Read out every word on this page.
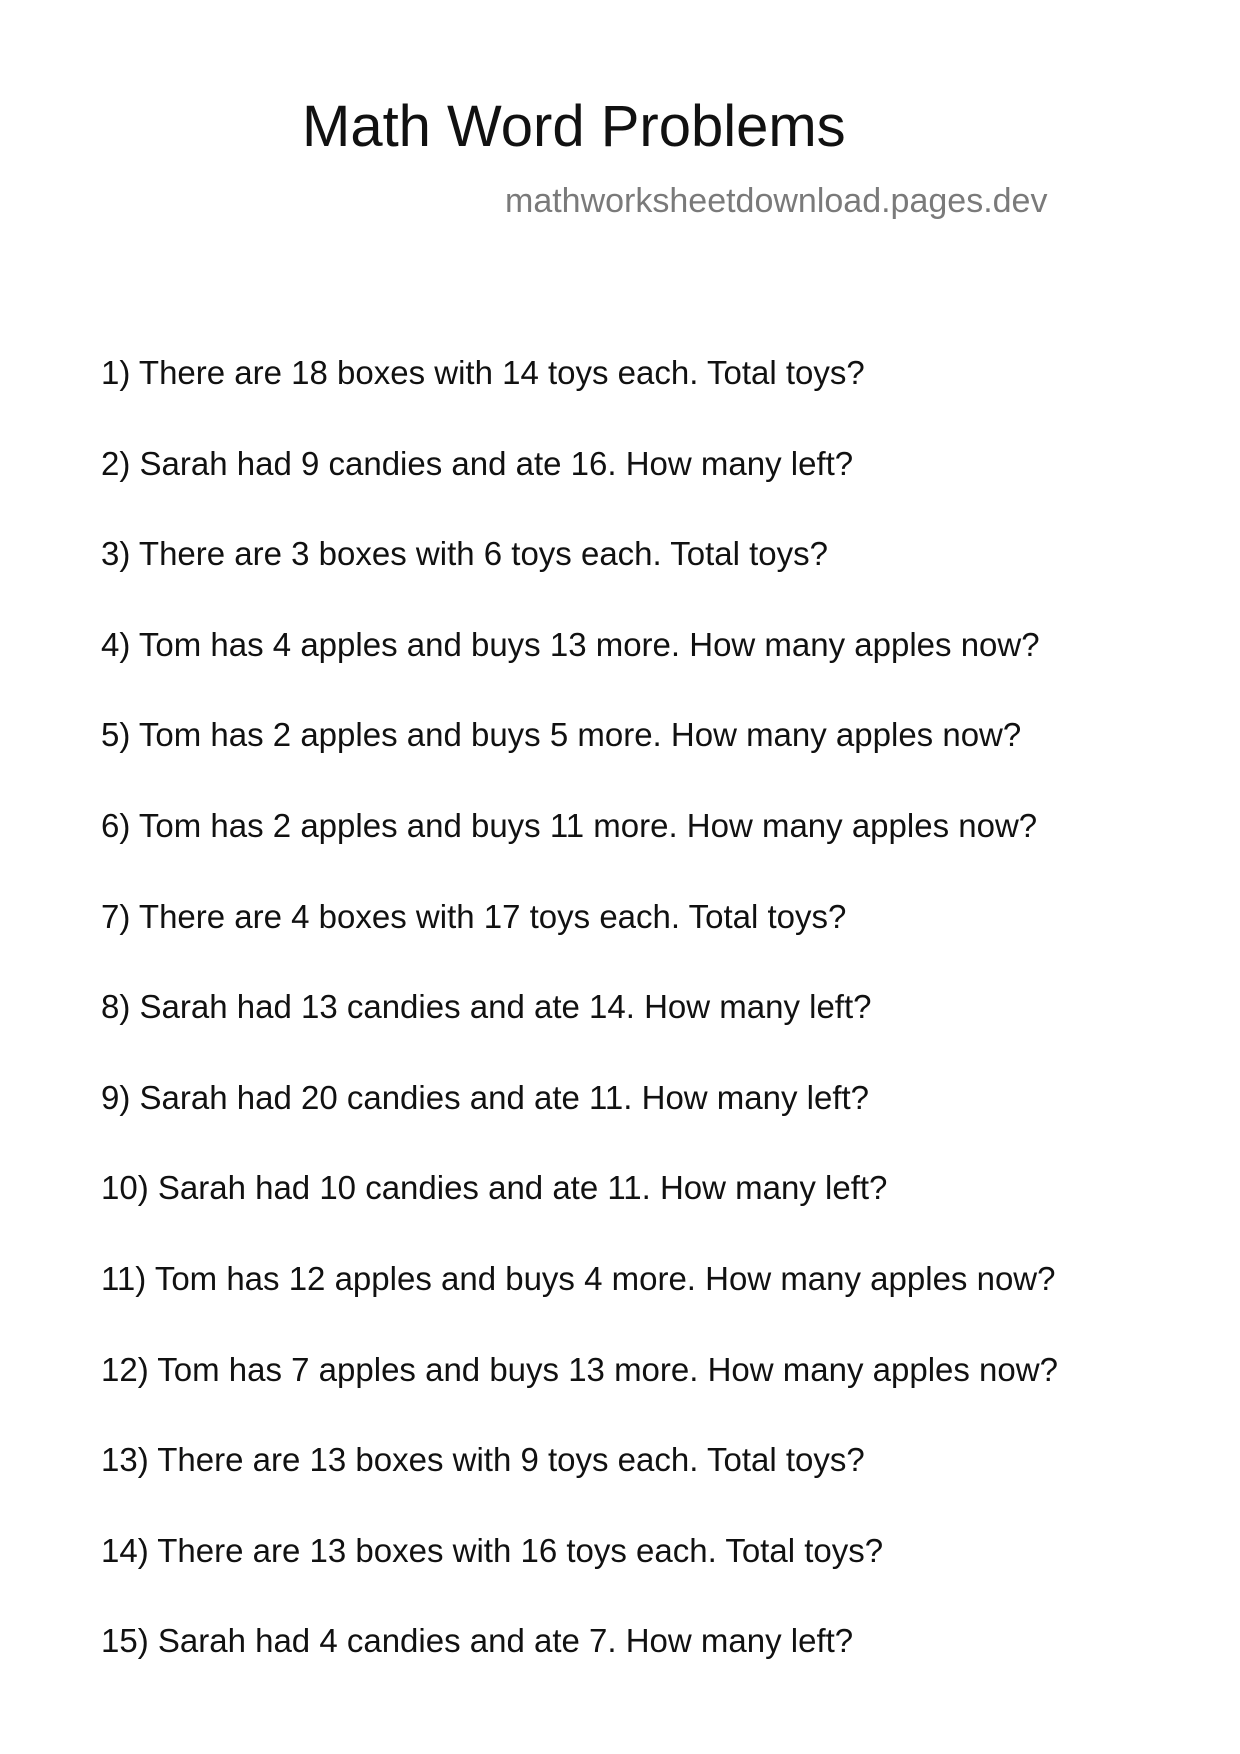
Math Word Problems
mathworksheetdownload.pages.dev
1) There are 18 boxes with 14 toys each. Total toys?
2) Sarah had 9 candies and ate 16. How many left?
3) There are 3 boxes with 6 toys each. Total toys?
4) Tom has 4 apples and buys 13 more. How many apples now?
5) Tom has 2 apples and buys 5 more. How many apples now?
6) Tom has 2 apples and buys 11 more. How many apples now?
7) There are 4 boxes with 17 toys each. Total toys?
8) Sarah had 13 candies and ate 14. How many left?
9) Sarah had 20 candies and ate 11. How many left?
10) Sarah had 10 candies and ate 11. How many left?
11) Tom has 12 apples and buys 4 more. How many apples now?
12) Tom has 7 apples and buys 13 more. How many apples now?
13) There are 13 boxes with 9 toys each. Total toys?
14) There are 13 boxes with 16 toys each. Total toys?
15) Sarah had 4 candies and ate 7. How many left?
